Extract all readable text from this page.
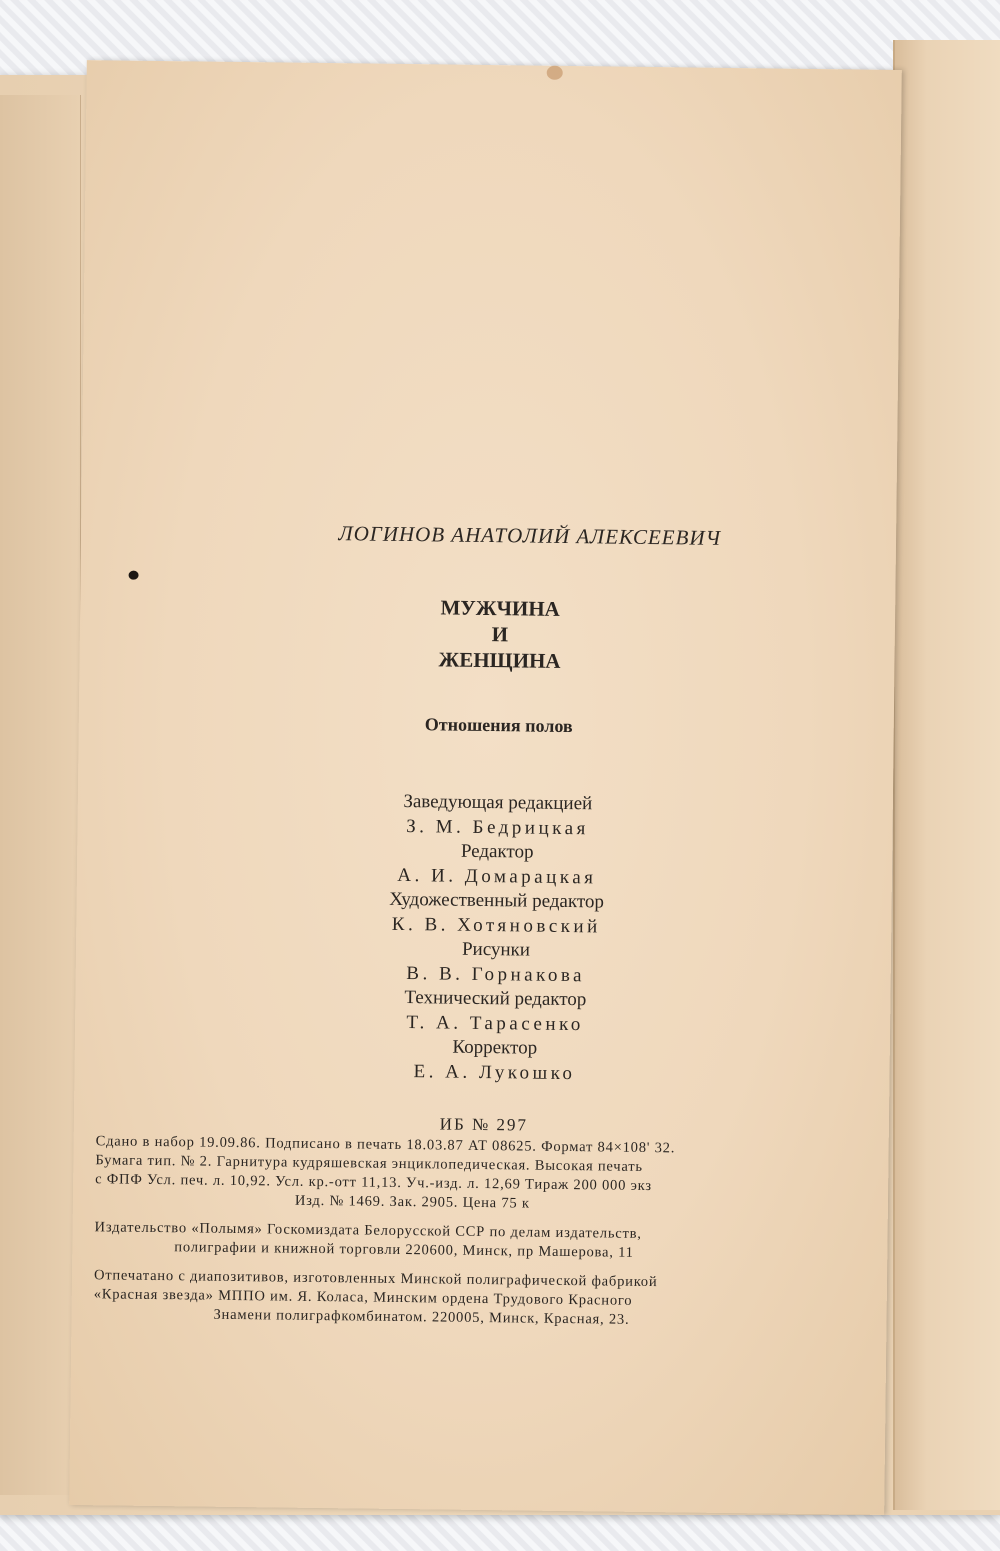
ЛОГИНОВ АНАТОЛИЙ АЛЕКСЕЕВИЧ
МУЖЧИНА
И
ЖЕНЩИНА
Отношения полов
Заведующая редакцией
З. М. Бедрицкая
Редактор
А. И. Домарацкая
Художественный редактор
К. В. Хотяновский
Рисунки
В. В. Горнакова
Технический редактор
Т. А. Тарасенко
Корректор
Е. А. Лукошко
ИБ № 297

Сдано в набор 19.09.86. Подписано в печать 18.03.87 АТ 08625. Формат 84×108' 32.

Бумага тип. № 2. Гарнитура кудряшевская энциклопедическая. Высокая печать

с ФПФ Усл. печ. л. 10,92. Усл. кр.-отт 11,13. Уч.-изд. л. 12,69 Тираж 200 000 экз

Изд. № 1469. Зак. 2905. Цена 75 к

Издательство «Полымя» Госкомиздата Белорусской ССР по делам издательств,

полиграфии и книжной торговли 220600, Минск, пр Машерова, 11

Отпечатано с диапозитивов, изготовленных Минской полиграфической фабрикой

«Красная звезда» МППО им. Я. Коласа, Минским ордена Трудового Красного

Знамени полиграфкомбинатом. 220005, Минск, Красная, 23.
